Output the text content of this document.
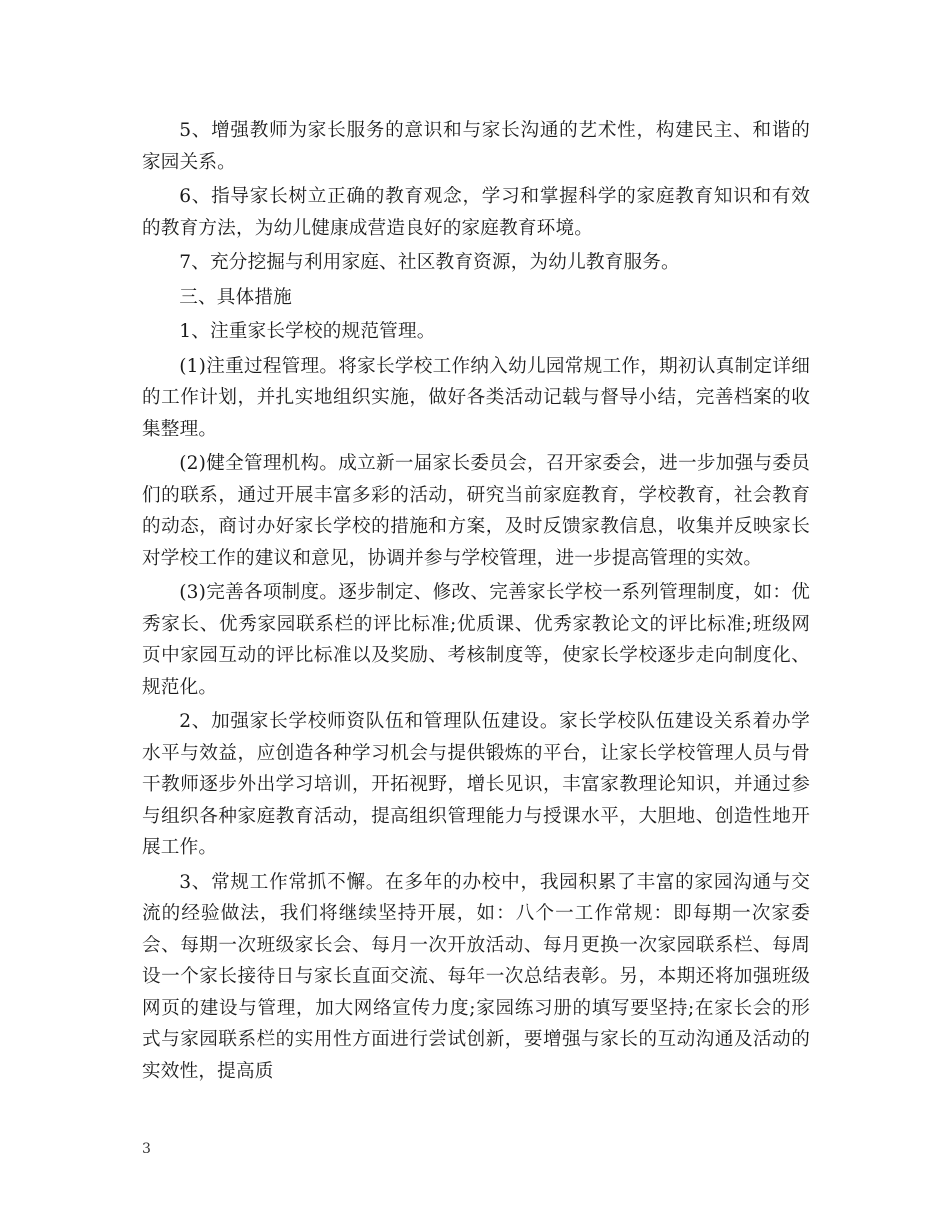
5、增强教师为家长服务的意识和与家长沟通的艺术性，构建民主、和谐的家园关系。

6、指导家长树立正确的教育观念，学习和掌握科学的家庭教育知识和有效的教育方法，为幼儿健康成营造良好的家庭教育环境。

7、充分挖掘与利用家庭、社区教育资源，为幼儿教育服务。

三、具体措施

1、注重家长学校的规范管理。

(1)注重过程管理。将家长学校工作纳入幼儿园常规工作，期初认真制定详细的工作计划，并扎实地组织实施，做好各类活动记载与督导小结，完善档案的收集整理。

(2)健全管理机构。成立新一届家长委员会，召开家委会，进一步加强与委员们的联系，通过开展丰富多彩的活动，研究当前家庭教育，学校教育，社会教育的动态，商讨办好家长学校的措施和方案，及时反馈家教信息，收集并反映家长对学校工作的建议和意见，协调并参与学校管理，进一步提高管理的实效。

(3)完善各项制度。逐步制定、修改、完善家长学校一系列管理制度，如：优秀家长、优秀家园联系栏的评比标准;优质课、优秀家教论文的评比标准;班级网页中家园互动的评比标准以及奖励、考核制度等，使家长学校逐步走向制度化、规范化。

2、加强家长学校师资队伍和管理队伍建设。家长学校队伍建设关系着办学水平与效益，应创造各种学习机会与提供锻炼的平台，让家长学校管理人员与骨干教师逐步外出学习培训，开拓视野，增长见识，丰富家教理论知识，并通过参与组织各种家庭教育活动，提高组织管理能力与授课水平，大胆地、创造性地开展工作。

3、常规工作常抓不懈。在多年的办校中，我园积累了丰富的家园沟通与交流的经验做法，我们将继续坚持开展，如：八个一工作常规：即每期一次家委会、每期一次班级家长会、每月一次开放活动、每月更换一次家园联系栏、每周设一个家长接待日与家长直面交流、每年一次总结表彰。另，本期还将加强班级网页的建设与管理，加大网络宣传力度;家园练习册的填写要坚持;在家长会的形式与家园联系栏的实用性方面进行尝试创新，要增强与家长的互动沟通及活动的实效性，提高质

3
